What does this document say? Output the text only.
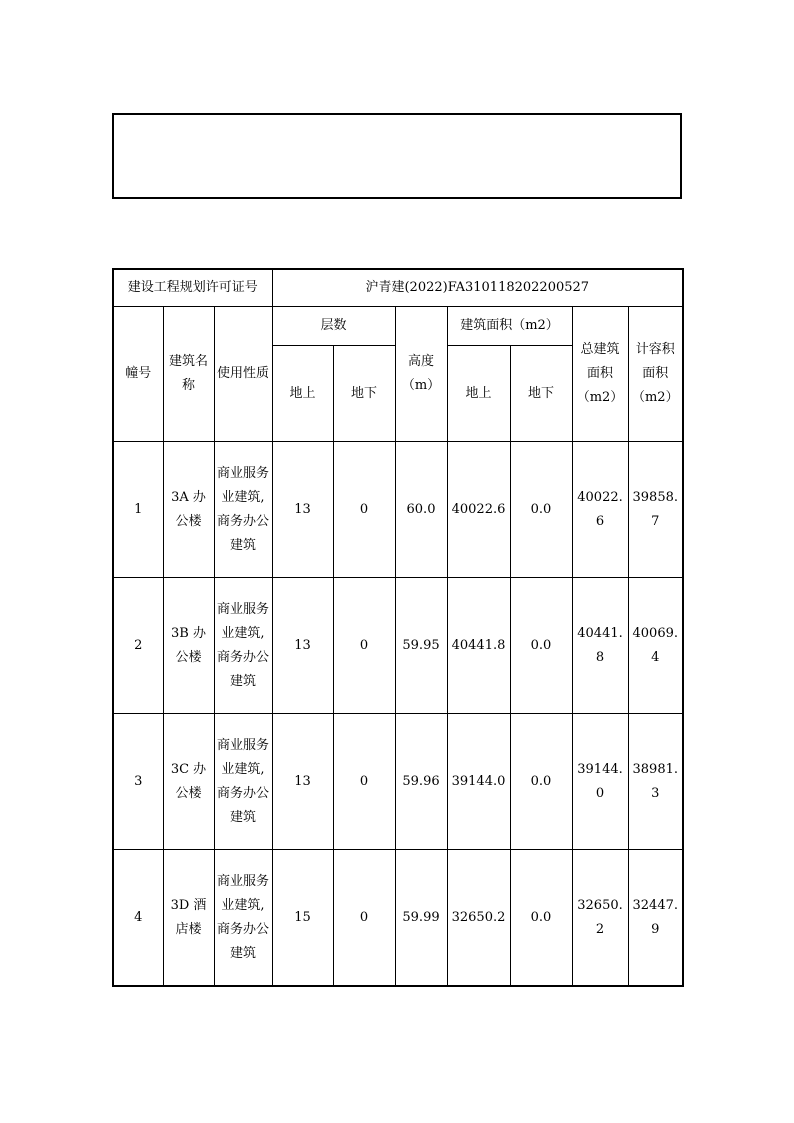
建设工程规划许可证号			沪青建(2022)FA310118202200527						
幢号	建筑名称	使用性质	层数		高度（m）	建筑面积（m2）		总建筑面积（m2）	计容积面积（m2）
			地上	地下		地上	地下		
1	3A 办公楼	商业服务业建筑,商务办公建筑	13	0	60.0	40022.6	0.0	40022.6	39858.7
2	3B 办公楼	商业服务业建筑,商务办公建筑	13	0	59.95	40441.8	0.0	40441.8	40069.4
3	3C 办公楼	商业服务业建筑,商务办公建筑	13	0	59.96	39144.0	0.0	39144.0	38981.3
4	3D 酒店楼	商业服务业建筑,商务办公建筑	15	0	59.99	32650.2	0.0	32650.2	32447.9
